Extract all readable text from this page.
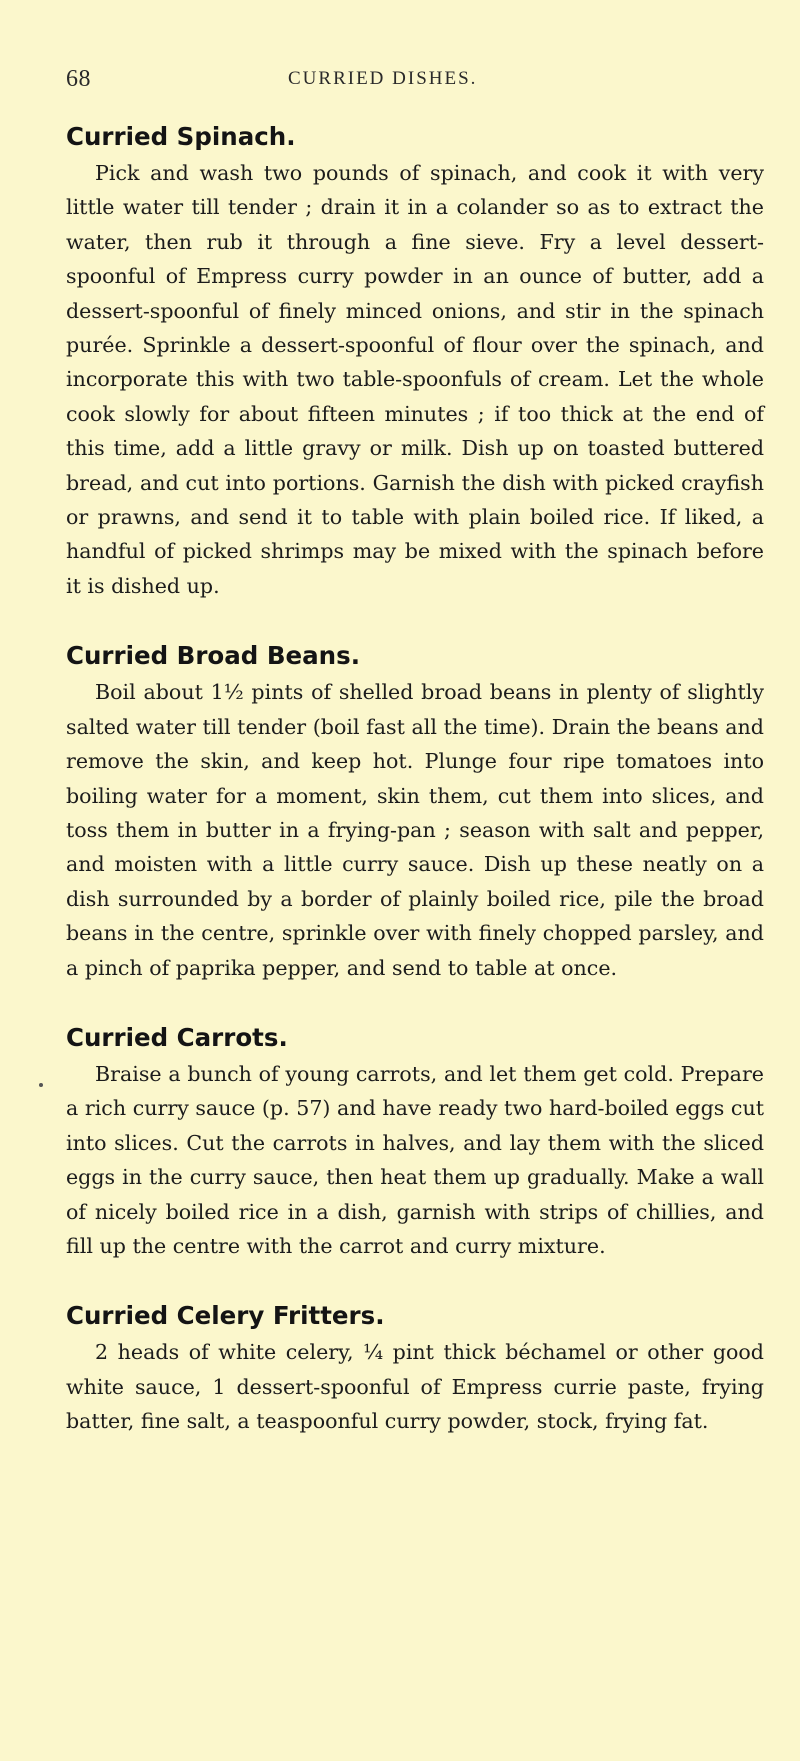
68	CURRIED DISHES.
Curried Spinach.

Pick and wash two pounds of spinach, and cook it with very little water till tender ; drain it in a colander so as to extract the water, then rub it through a fine sieve. Fry a level dessert-spoonful of Empress curry powder in an ounce of butter, add a dessert-spoonful of finely minced onions, and stir in the spinach purée. Sprinkle a dessert-spoonful of flour over the spinach, and incorporate this with two table-spoonfuls of cream. Let the whole cook slowly for about fifteen minutes ; if too thick at the end of this time, add a little gravy or milk. Dish up on toasted buttered bread, and cut into portions. Garnish the dish with picked crayfish or prawns, and send it to table with plain boiled rice. If liked, a handful of picked shrimps may be mixed with the spinach before it is dished up.

Curried Broad Beans.

Boil about 1½ pints of shelled broad beans in plenty of slightly salted water till tender (boil fast all the time). Drain the beans and remove the skin, and keep hot. Plunge four ripe tomatoes into boiling water for a moment, skin them, cut them into slices, and toss them in butter in a frying-pan ; season with salt and pepper, and moisten with a little curry sauce. Dish up these neatly on a dish surrounded by a border of plainly boiled rice, pile the broad beans in the centre, sprinkle over with finely chopped parsley, and a pinch of paprika pepper, and send to table at once.

Curried Carrots.

Braise a bunch of young carrots, and let them get cold. Prepare a rich curry sauce (p. 57) and have ready two hard-boiled eggs cut into slices. Cut the carrots in halves, and lay them with the sliced eggs in the curry sauce, then heat them up gradually. Make a wall of nicely boiled rice in a dish, garnish with strips of chillies, and fill up the centre with the carrot and curry mixture.

Curried Celery Fritters.

2 heads of white celery, ¼ pint thick béchamel or other good white sauce, 1 dessert-spoonful of Empress currie paste, frying batter, fine salt, a teaspoonful curry powder, stock, frying fat.
